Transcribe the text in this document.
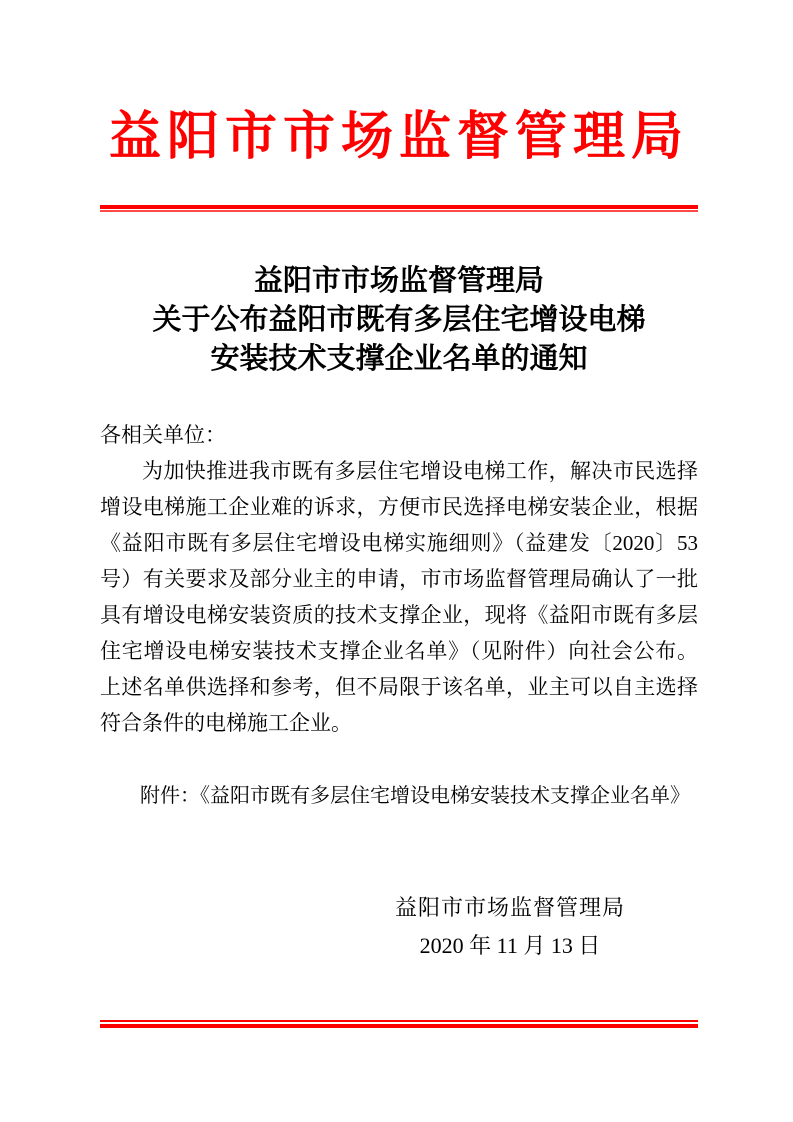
益阳市市场监督管理局
益阳市市场监督管理局
关于公布益阳市既有多层住宅增设电梯
安装技术支撑企业名单的通知

各相关单位：

为加快推进我市既有多层住宅增设电梯工作，解决市民选择增设电梯施工企业难的诉求，方便市民选择电梯安装企业，根据《益阳市既有多层住宅增设电梯实施细则》（益建发〔2020〕53号）有关要求及部分业主的申请，市市场监督管理局确认了一批具有增设电梯安装资质的技术支撑企业，现将《益阳市既有多层住宅增设电梯安装技术支撑企业名单》（见附件）向社会公布。上述名单供选择和参考，但不局限于该名单，业主可以自主选择符合条件的电梯施工企业。

附件：《益阳市既有多层住宅增设电梯安装技术支撑企业名单》

益阳市市场监督管理局
2020 年 11 月 13 日
